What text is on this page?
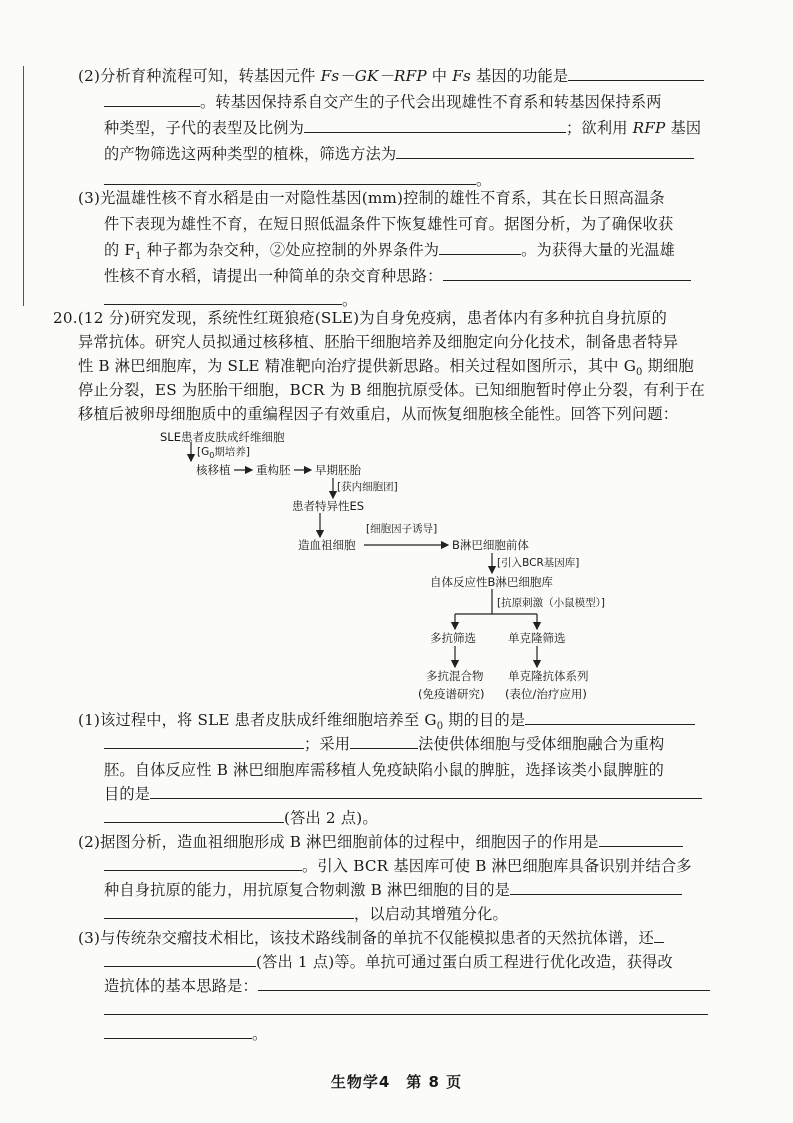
(2)分析育种流程可知，转基因元件 Fs－GK－RFP 中 Fs 基因的功能是
。转基因保持系自交产生的子代会出现雄性不育系和转基因保持系两
种类型，子代的表型及比例为	；欲利用 RFP 基因
的产物筛选这两种类型的植株，筛选方法为
。
(3)光温雄性核不育水稻是由一对隐性基因(mm)控制的雄性不育系，其在长日照高温条
件下表现为雄性不育，在短日照低温条件下恢复雄性可育。据图分析，为了确保收获
的 $F_1$ 种子都为杂交种，②处应控制的外界条件为	。为获得大量的光温雄
性核不育水稻，请提出一种简单的杂交育种思路：
。
20.(12 分)研究发现，系统性红斑狼疮(SLE)为自身免疫病，患者体内有多种抗自身抗原的
异常抗体。研究人员拟通过核移植、胚胎干细胞培养及细胞定向分化技术，制备患者特异
性 B 淋巴细胞库，为 SLE 精准靶向治疗提供新思路。相关过程如图所示，其中 $G_0$ 期细胞
停止分裂，ES 为胚胎干细胞，BCR 为 B 细胞抗原受体。已知细胞暂时停止分裂，有利于在
移植后被卵母细胞质中的重编程因子有效重启，从而恢复细胞核全能性。回答下列问题：
SLE患者皮肤成纤维细胞
[$G_0$期培养]
核移植 重构胚 早期胚胎
[获内细胞团]
患者特异性ES
[细胞因子诱导]
造血祖细胞	B淋巴细胞前体
[引入BCR基因库]
自体反应性B淋巴细胞库
[抗原刺激（小鼠模型）]
多抗筛选	单克隆筛选
多抗混合物
(免疫谱研究)
单克隆抗体系列
(表位/治疗应用)
(1)该过程中，将 SLE 患者皮肤成纤维细胞培养至 $G_0$ 期的目的是
；采用	法使供体细胞与受体细胞融合为重构
胚。自体反应性 B 淋巴细胞库需移植人免疫缺陷小鼠的脾脏，选择该类小鼠脾脏的
目的是
(答出 2 点)。
(2)据图分析，造血祖细胞形成 B 淋巴细胞前体的过程中，细胞因子的作用是
。引入 BCR 基因库可使 B 淋巴细胞库具备识别并结合多
种自身抗原的能力，用抗原复合物刺激 B 淋巴细胞的目的是
，以启动其增殖分化。
(3)与传统杂交瘤技术相比，该技术路线制备的单抗不仅能模拟患者的天然抗体谱，还
(答出 1 点)等。单抗可通过蛋白质工程进行优化改造，获得改
造抗体的基本思路是：
。
生物学4　第 8 页
